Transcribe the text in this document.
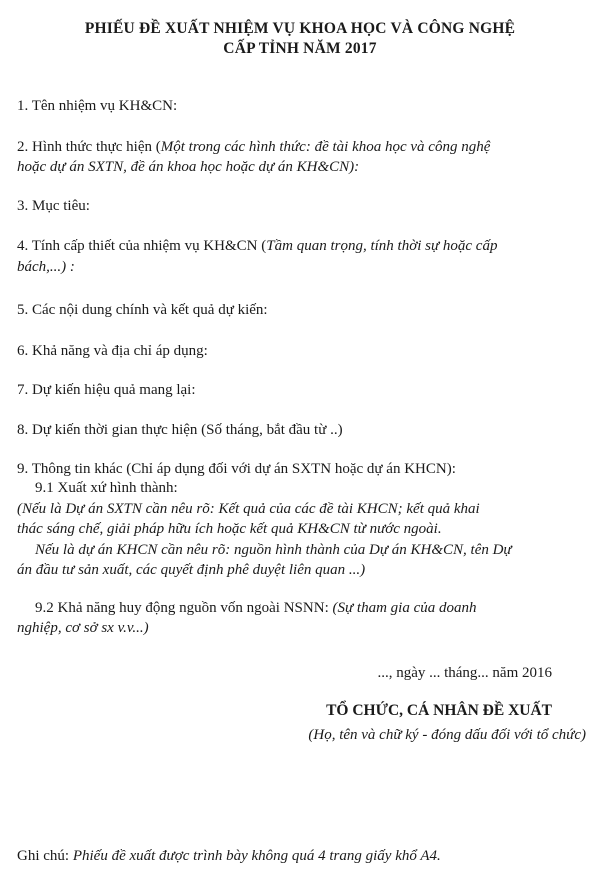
PHIẾU ĐỀ XUẤT NHIỆM VỤ KHOA HỌC VÀ CÔNG NGHỆ
CẤP TỈNH NĂM 2017
1. Tên nhiệm vụ KH&CN:
2. Hình thức thực hiện (Một trong các hình thức: đề tài khoa học và công nghệ
hoặc dự án SXTN, đề án khoa học hoặc dự án KH&CN):
3. Mục tiêu:
4. Tính cấp thiết của nhiệm vụ KH&CN (Tầm quan trọng, tính thời sự hoặc cấp
bách,...) :
5. Các nội dung chính và kết quả dự kiến:
6. Khả năng và địa chỉ áp dụng:
7. Dự kiến hiệu quả mang lại:
8. Dự kiến thời gian thực hiện (Số tháng, bắt đầu từ ..)
9. Thông tin khác (Chỉ áp dụng đối với dự án SXTN hoặc dự án KHCN):
9.1 Xuất xứ hình thành:
(Nếu là Dự án SXTN cần nêu rõ: Kết quả của các đề tài KHCN; kết quả khai
thác sáng chế, giải pháp hữu ích hoặc kết quả KH&CN từ nước ngoài.
Nếu là dự án KHCN cần nêu rõ: nguồn hình thành của Dự án KH&CN, tên Dự
án đầu tư sản xuất, các quyết định phê duyệt liên quan ...)
9.2 Khả năng huy động nguồn vốn ngoài NSNN: (Sự tham gia của doanh
nghiệp, cơ sở sx v.v...)
..., ngày ... tháng... năm 2016
TỔ CHỨC, CÁ NHÂN ĐỀ XUẤT
(Họ, tên và chữ ký - đóng dấu đối với tổ chức)
Ghi chú: Phiếu đề xuất được trình bày không quá 4 trang giấy khổ A4.
